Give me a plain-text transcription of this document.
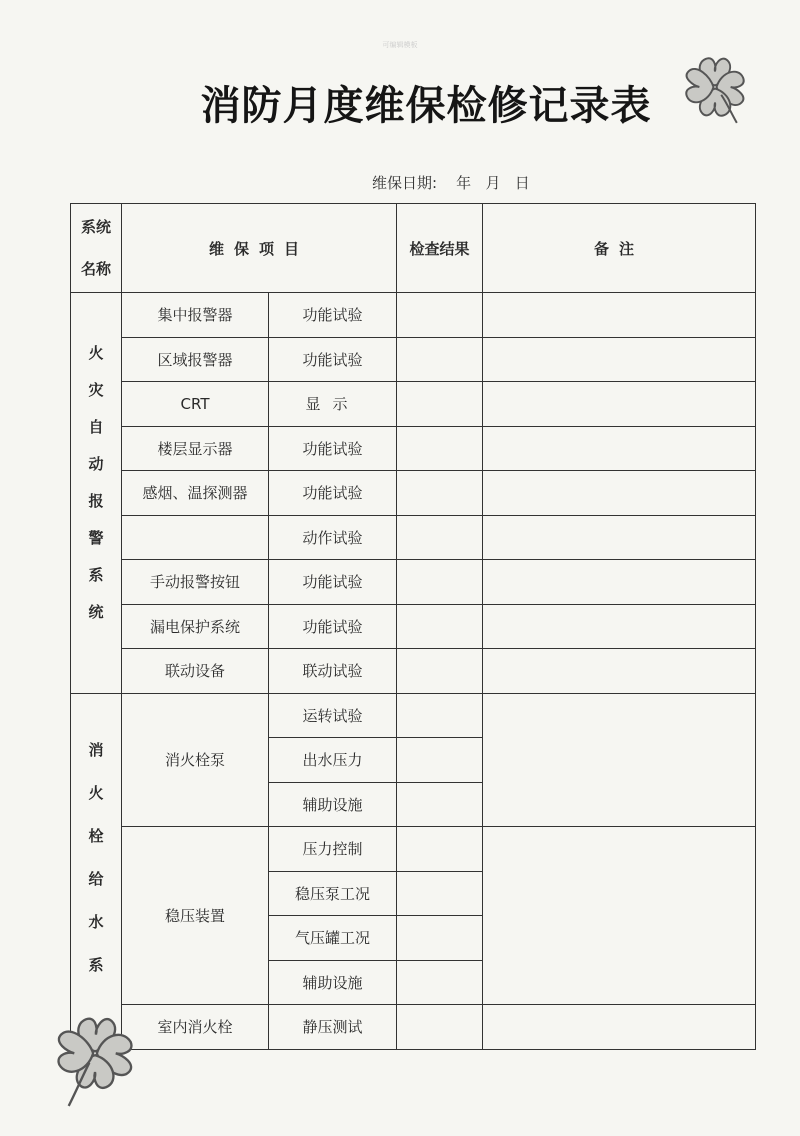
可编辑模板
消防月度维保检修记录表
维保日期: 年 月 日
系统
名称	维保项目		检查结果	备注

火灾自动报警系统	集中报警器	功能试验		
	区域报警器	功能试验		
	CRT	显示		
	楼层显示器	功能试验		
	感烟、温探测器	功能试验		
		动作试验		
	手动报警按钮	功能试验		
	漏电保护系统	功能试验		
	联动设备	联动试验		

消火栓给水系	消火栓泵	运转试验		
		出水压力		
		辅助设施		
	稳压装置	压力控制		
		稳压泵工况		
		气压罐工况		
		辅助设施		
	室内消火栓	静压测试		
